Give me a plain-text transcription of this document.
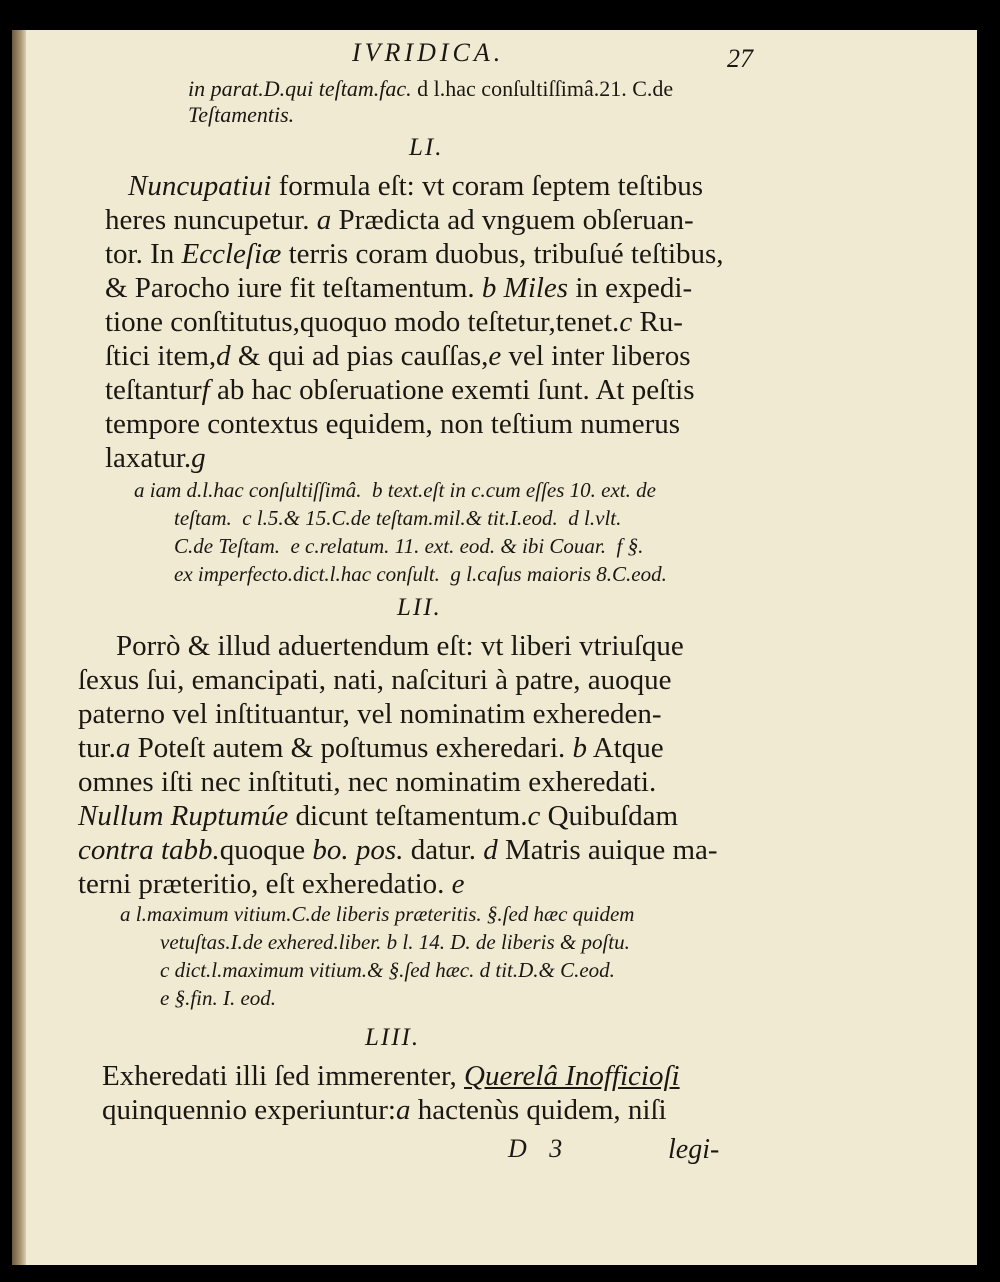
IVRIDICA.	27
in parat.D.qui teſtam.fac. d l.hac conſultiſſimâ.21. C.de
Teſtamentis.
LI.
Nuncupatiui formula eſt: vt coram ſeptem teſtibus
heres nuncupetur. a Prædicta ad vnguem obſeruan-
tor. In Eccleſiæ terris coram duobus, tribuſué teſtibus,
& Parocho iure fit teſtamentum. b Miles in expedi-
tione conſtitutus,quoquo modo teſtetur,tenet.c Ru-
ſtici item,d & qui ad pias cauſſas,e vel inter liberos
teſtanturf ab hac obſeruatione exemti ſunt. At peſtis
tempore contextus equidem, non teſtium numerus
laxatur.g
a iam d.l.hac conſultiſſimâ. b text.eſt in c.cum eſſes 10. ext. de
teſtam. c l.5.& 15.C.de teſtam.mil.& tit.I.eod. d l.vlt.
C.de Teſtam. e c.relatum. 11. ext. eod. & ibi Couar. f §.
ex imperfecto.dict.l.hac conſult. g l.caſus maioris 8.C.eod.
LII.
Porrò & illud aduertendum eſt: vt liberi vtriuſque
ſexus ſui, emancipati, nati, naſcituri à patre, auoque
paterno vel inſtituantur, vel nominatim exhereden-
tur.a Poteſt autem & poſtumus exheredari. b Atque
omnes iſti nec inſtituti, nec nominatim exheredati.
Nullum Ruptumúe dicunt teſtamentum.c Quibuſdam
contra tabb.quoque bo. pos. datur. d Matris auique ma-
terni præteritio, eſt exheredatio. e
a l.maximum vitium.C.de liberis præteritis. §.ſed hæc quidem
vetuſtas.I.de exhered.liber. b l. 14. D. de liberis & poſtu.
c dict.l.maximum vitium.& §.ſed hæc. d tit.D.& C.eod.
e §.fin. I. eod.
LIII.
Exheredati illi ſed immerenter, Querelâ Inofficioſi
quinquennio experiuntur:a hactenùs quidem, niſi
D 3	legi-
